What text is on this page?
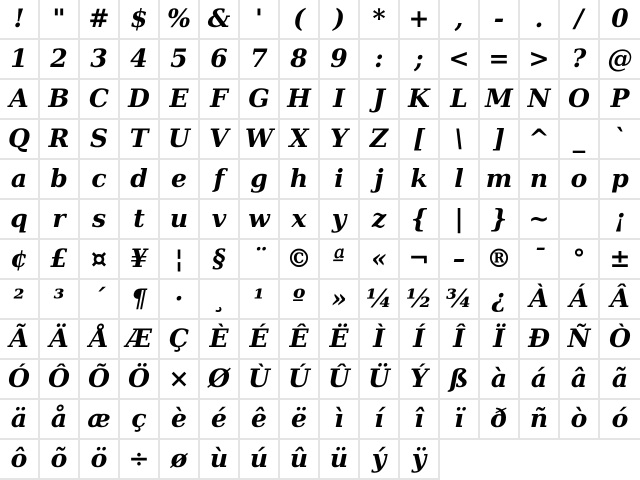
!	" # $ % & '	(	)	* +	,	-	.	/	0
1 2 3 4 5 6 7 8 9	:	; < = > ? @
A B C D E F G H I	J K L M N O P
Q R S T U V W X Y Z [	\	] ^ _	`
a b c d e	f	g h	i	j	k	l m n o p
q r	s	t	u v w x	y	z {	|	} ~	¡
¢ £ ¤ ¥	¦	§	¨ © ª	« ¬ – ® ¯	° ±
²	³	´	¶	·	¸	¹	º	» ¼ ½ ¾ ¿ À Á Â
Ã Ä Å Æ Ç È É Ê Ë Ì	Í	Î	Ï Ð Ñ Ò
Ó Ô Õ Ö × Ø Ù Ú Û Ü Ý ß à á â ã
ä å æ ç è é ê ë	ì	í	î	ï	ð ñ ò ó
ô õ ö ÷ ø ù ú û ü ý	ÿ
